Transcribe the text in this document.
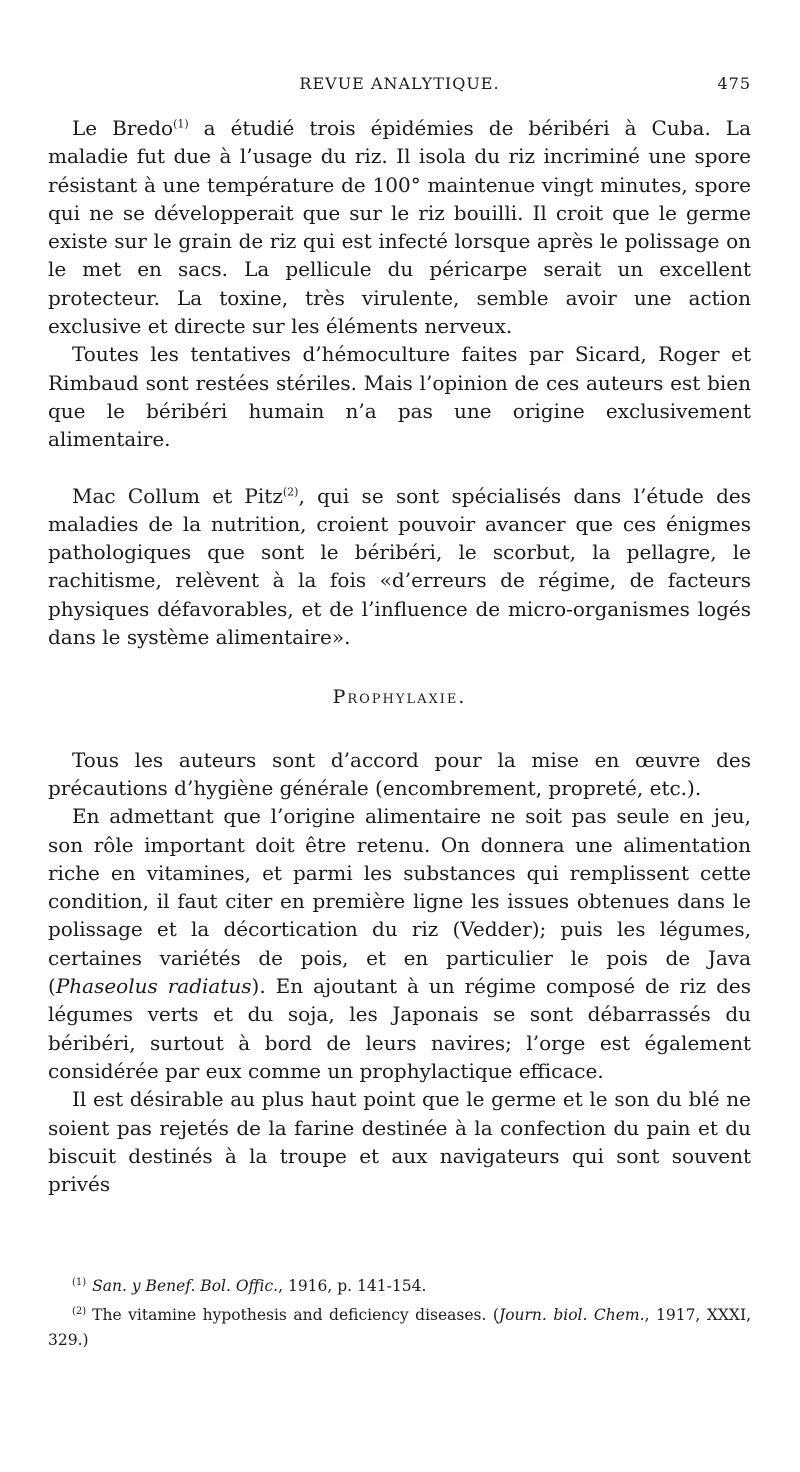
REVUE ANALYTIQUE.	475

Le Bredo$^{(1)}$ a étudié trois épidémies de béribéri à Cuba. La maladie fut due à l’usage du riz. Il isola du riz incriminé une spore résistant à une température de 100° maintenue vingt minutes, spore qui ne se développerait que sur le riz bouilli. Il croit que le germe existe sur le grain de riz qui est infecté lorsque après le polissage on le met en sacs. La pellicule du péricarpe serait un excellent protecteur. La toxine, très virulente, semble avoir une action exclusive et directe sur les éléments nerveux.

Toutes les tentatives d’hémoculture faites par Sicard, Roger et Rimbaud sont restées stériles. Mais l’opinion de ces auteurs est bien que le béribéri humain n’a pas une origine exclusivement alimentaire.

Mac Collum et Pitz$^{(2)}$, qui se sont spécialisés dans l’étude des maladies de la nutrition, croient pouvoir avancer que ces énigmes pathologiques que sont le béribéri, le scorbut, la pellagre, le rachitisme, relèvent à la fois «d’erreurs de régime, de facteurs physiques défavorables, et de l’influence de micro-organismes logés dans le système alimentaire».

Prophylaxie.

Tous les auteurs sont d’accord pour la mise en œuvre des précautions d’hygiène générale (encombrement, propreté, etc.).

En admettant que l’origine alimentaire ne soit pas seule en jeu, son rôle important doit être retenu. On donnera une alimentation riche en vitamines, et parmi les substances qui remplissent cette condition, il faut citer en première ligne les issues obtenues dans le polissage et la décortication du riz (Vedder); puis les légumes, certaines variétés de pois, et en particulier le pois de Java (Phaseolus radiatus). En ajoutant à un régime composé de riz des légumes verts et du soja, les Japonais se sont débarrassés du béribéri, surtout à bord de leurs navires; l’orge est également considérée par eux comme un prophylactique efficace.

Il est désirable au plus haut point que le germe et le son du blé ne soient pas rejetés de la farine destinée à la confection du pain et du biscuit destinés à la troupe et aux navigateurs qui sont souvent privés

$^{(1)}$ San. y Benef. Bol. Offic., 1916, p. 141-154.

$^{(2)}$ The vitamine hypothesis and deficiency diseases. (Journ. biol. Chem., 1917, XXXI, 329.)
